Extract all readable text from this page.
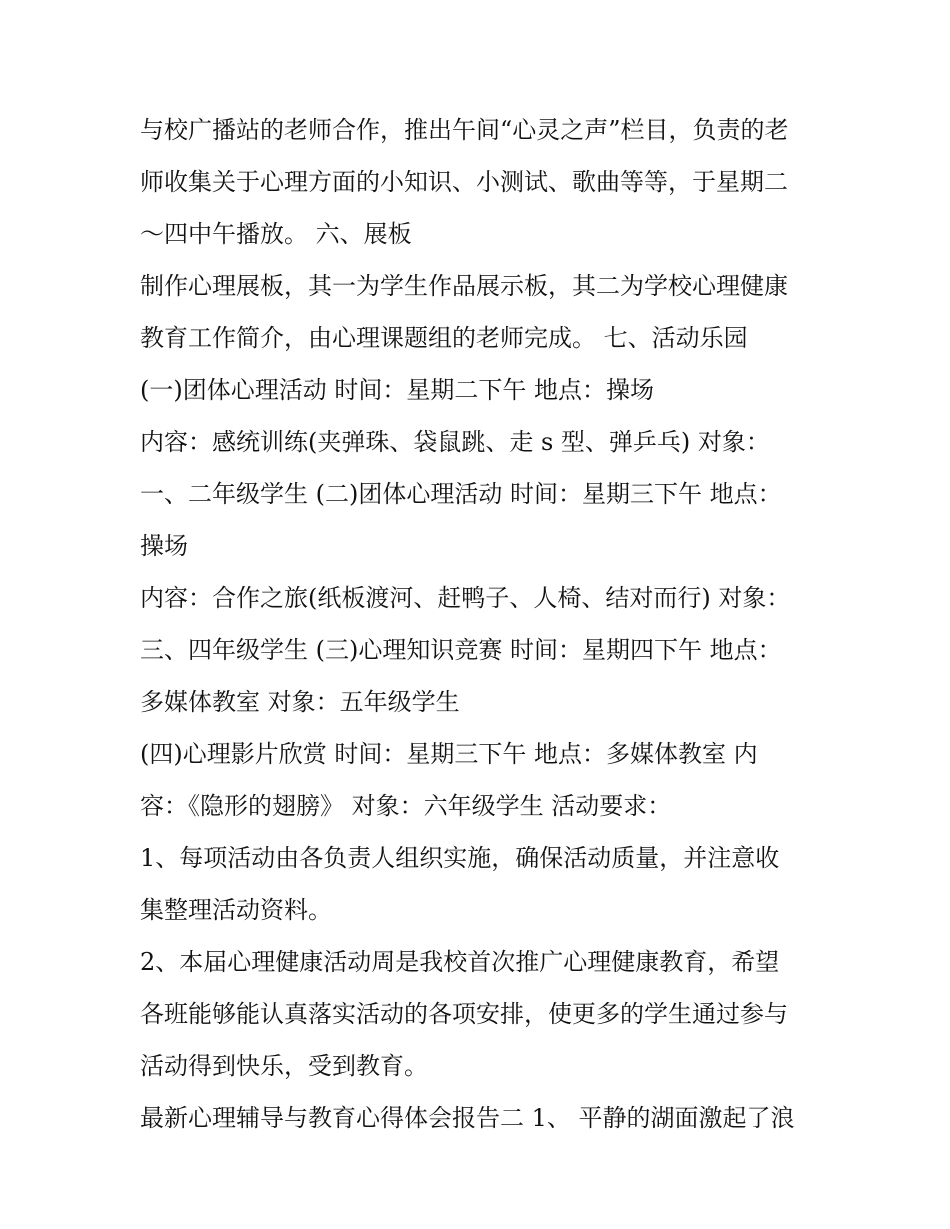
与校广播站的老师合作，推出午间“心灵之声”栏目，负责的老
师收集关于心理方面的小知识、小测试、歌曲等等，于星期二
～四中午播放。 六、展板
制作心理展板，其一为学生作品展示板，其二为学校心理健康
教育工作简介，由心理课题组的老师完成。 七、活动乐园
(一)团体心理活动 时间：星期二下午 地点：操场
内容：感统训练(夹弹珠、袋鼠跳、走 s 型、弹乒乓) 对象：
一、二年级学生 (二)团体心理活动 时间：星期三下午 地点：
操场
内容：合作之旅(纸板渡河、赶鸭子、人椅、结对而行) 对象：
三、四年级学生 (三)心理知识竞赛 时间：星期四下午 地点：
多媒体教室 对象：五年级学生
(四)心理影片欣赏 时间：星期三下午 地点：多媒体教室 内
容：《隐形的翅膀》 对象：六年级学生 活动要求：
1、每项活动由各负责人组织实施，确保活动质量，并注意收
集整理活动资料。
2、本届心理健康活动周是我校首次推广心理健康教育，希望
各班能够能认真落实活动的各项安排，使更多的学生通过参与
活动得到快乐，受到教育。
最新心理辅导与教育心得体会报告二 1、 平静的湖面激起了浪
